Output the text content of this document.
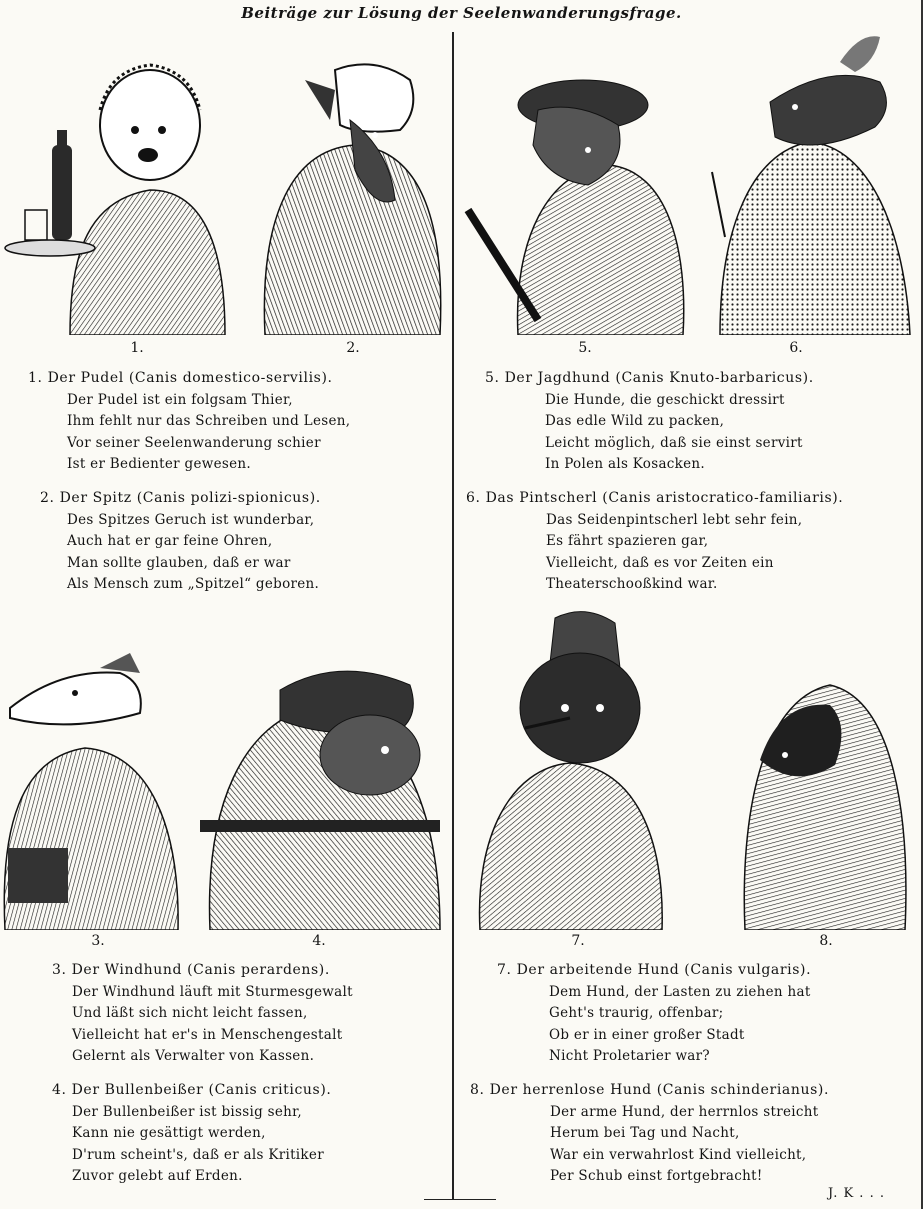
Beiträge zur Lösung der Seelenwanderungsfrage.
1.	2.	5.	6.
1. Der Pudel (Canis domestico-servilis).
Der Pudel ist ein folgsam Thier,
Ihm fehlt nur das Schreiben und Lesen,
Vor seiner Seelenwanderung schier
Ist er Bedienter gewesen.
2. Der Spitz (Canis polizi-spionicus).
Des Spitzes Geruch ist wunderbar,
Auch hat er gar feine Ohren,
Man sollte glauben, daß er war
Als Mensch zum „Spitzel“ geboren.
5. Der Jagdhund (Canis Knuto-barbaricus).
Die Hunde, die geschickt dressirt
Das edle Wild zu packen,
Leicht möglich, daß sie einst servirt
In Polen als Kosacken.
6. Das Pintscherl (Canis aristocratico-familiaris).
Das Seidenpintscherl lebt sehr fein,
Es fährt spazieren gar,
Vielleicht, daß es vor Zeiten ein
Theaterschooßkind war.
3.	4.	7.	8.
3. Der Windhund (Canis perardens).
Der Windhund läuft mit Sturmesgewalt
Und läßt sich nicht leicht fassen,
Vielleicht hat er's in Menschengestalt
Gelernt als Verwalter von Kassen.
4. Der Bullenbeißer (Canis criticus).
Der Bullenbeißer ist bissig sehr,
Kann nie gesättigt werden,
D'rum scheint's, daß er als Kritiker
Zuvor gelebt auf Erden.
7. Der arbeitende Hund (Canis vulgaris).
Dem Hund, der Lasten zu ziehen hat
Geht's traurig, offenbar;
Ob er in einer großer Stadt
Nicht Proletarier war?
8. Der herrenlose Hund (Canis schinderianus).
Der arme Hund, der herrnlos streicht
Herum bei Tag und Nacht,
War ein verwahrlost Kind vielleicht,
Per Schub einst fortgebracht!
J. K . . .
